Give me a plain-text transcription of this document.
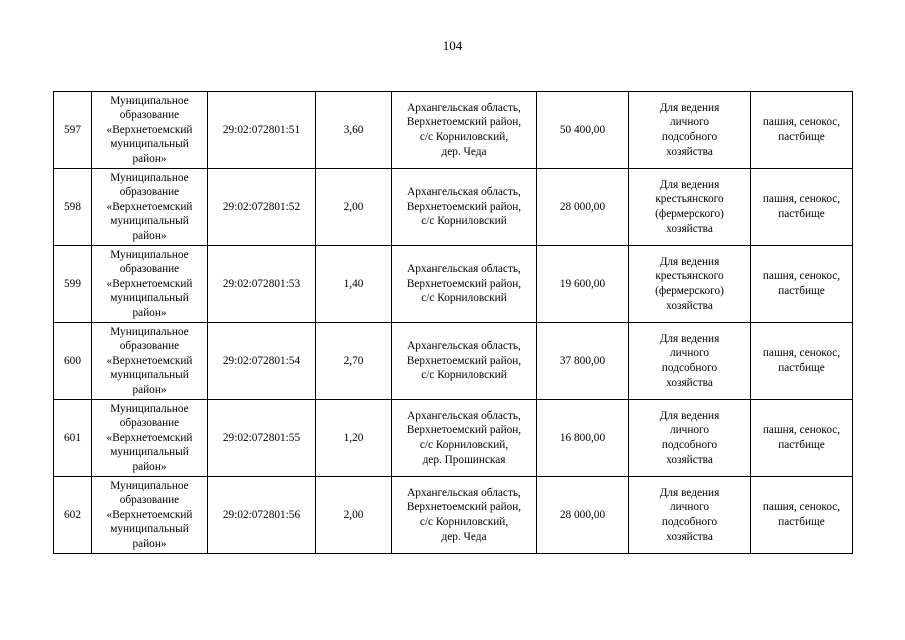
104
597	Муниципальное
образование
«Верхнетоемский
муниципальный
район»	29:02:072801:51	3,60	Архангельская область,
Верхнетоемский район,
с/с Корниловский,
дер. Чеда	50 400,00	Для ведения
личного
подсобного
хозяйства	пашня, сенокос,
пастбище
598	Муниципальное
образование
«Верхнетоемский
муниципальный
район»	29:02:072801:52	2,00	Архангельская область,
Верхнетоемский район,
с/с Корниловский	28 000,00	Для ведения
крестьянского
(фермерского)
хозяйства	пашня, сенокос,
пастбище
599	Муниципальное
образование
«Верхнетоемский
муниципальный
район»	29:02:072801:53	1,40	Архангельская область,
Верхнетоемский район,
с/с Корниловский	19 600,00	Для ведения
крестьянского
(фермерского)
хозяйства	пашня, сенокос,
пастбище
600	Муниципальное
образование
«Верхнетоемский
муниципальный
район»	29:02:072801:54	2,70	Архангельская область,
Верхнетоемский район,
с/с Корниловский	37 800,00	Для ведения
личного
подсобного
хозяйства	пашня, сенокос,
пастбище
601	Муниципальное
образование
«Верхнетоемский
муниципальный
район»	29:02:072801:55	1,20	Архангельская область,
Верхнетоемский район,
с/с Корниловский,
дер. Прошинская	16 800,00	Для ведения
личного
подсобного
хозяйства	пашня, сенокос,
пастбище
602	Муниципальное
образование
«Верхнетоемский
муниципальный
район»	29:02:072801:56	2,00	Архангельская область,
Верхнетоемский район,
с/с Корниловский,
дер. Чеда	28 000,00	Для ведения
личного
подсобного
хозяйства	пашня, сенокос,
пастбище
